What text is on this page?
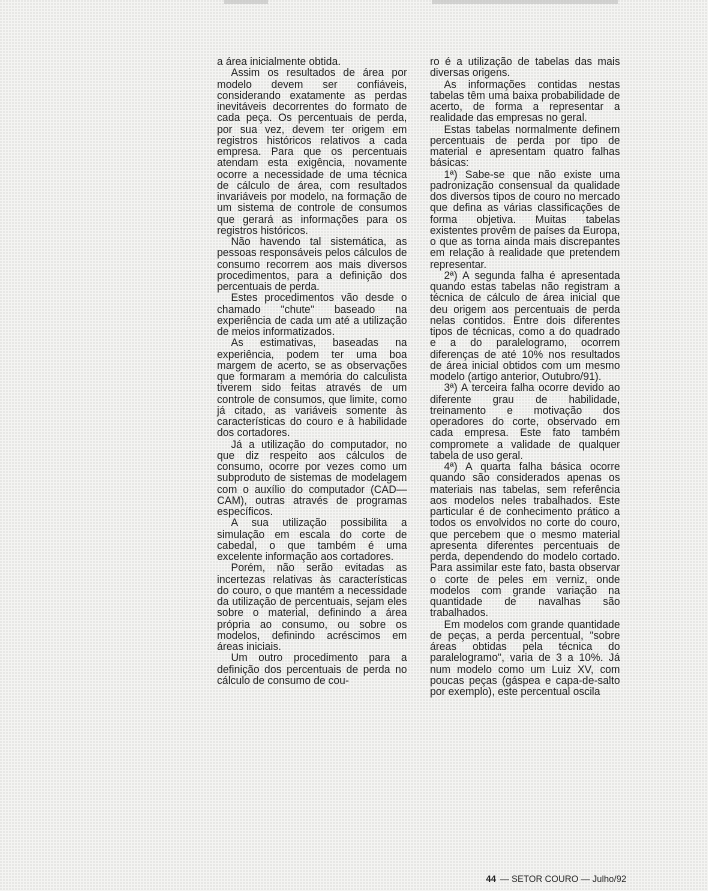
a área inicialmente obtida.

Assim os resultados de área por modelo devem ser confiáveis, considerando exatamente as perdas inevitáveis decorrentes do formato de cada peça. Os percentuais de perda, por sua vez, devem ter origem em registros históricos relativos a cada empresa. Para que os percentuais atendam esta exigência, novamente ocorre a necessidade de uma técnica de cálculo de área, com resultados invariáveis por modelo, na formação de um sistema de controle de consumos que gerará as informações para os registros históricos.

Não havendo tal sistemática, as pessoas responsáveis pelos cálculos de consumo recorrem aos mais diversos procedimentos, para a definição dos percentuais de perda.

Estes procedimentos vão desde o chamado "chute" baseado na experiência de cada um até a utilização de meios informatizados.

As estimativas, baseadas na experiência, podem ter uma boa margem de acerto, se as observações que formaram a memória do calculista tiverem sido feitas através de um controle de consumos, que limite, como já citado, as variáveis somente às características do couro e à habilidade dos cortadores.

Já a utilização do computador, no que diz respeito aos cálculos de consumo, ocorre por vezes como um subproduto de sistemas de modelagem com o auxílio do computador (CAD—CAM), outras através de programas específicos.

A sua utilização possibilita a simulação em escala do corte de cabedal, o que também é uma excelente informação aos cortadores.

Porém, não serão evitadas as incertezas relativas às características do couro, o que mantém a necessidade da utilização de percentuais, sejam eles sobre o material, definindo a área própria ao consumo, ou sobre os modelos, definindo acréscimos em áreas iniciais.

Um outro procedimento para a definição dos percentuais de perda no cálculo de consumo de cou-

ro é a utilização de tabelas das mais diversas origens.

As informações contidas nestas tabelas têm uma baixa probabilidade de acerto, de forma a representar a realidade das empresas no geral.

Estas tabelas normalmente definem percentuais de perda por tipo de material e apresentam quatro falhas básicas:

1ª) Sabe-se que não existe uma padronização consensual da qualidade dos diversos tipos de couro no mercado que defina as várias classificações de forma objetiva. Muitas tabelas existentes provêm de países da Europa, o que as torna ainda mais discrepantes em relação à realidade que pretendem representar.

2ª) A segunda falha é apresentada quando estas tabelas não registram a técnica de cálculo de área inicial que deu origem aos percentuais de perda nelas contidos. Entre dois diferentes tipos de técnicas, como a do quadrado e a do paralelogramo, ocorrem diferenças de até 10% nos resultados de área inicial obtidos com um mesmo modelo (artigo anterior, Outubro/91).

3ª) A terceira falha ocorre devido ao diferente grau de habilidade, treinamento e motivação dos operadores do corte, observado em cada empresa. Este fato também compromete a validade de qualquer tabela de uso geral.

4ª) A quarta falha básica ocorre quando são considerados apenas os materiais nas tabelas, sem referência aos modelos neles trabalhados. Este particular é de conhecimento prático a todos os envolvidos no corte do couro, que percebem que o mesmo material apresenta diferentes percentuais de perda, dependendo do modelo cortado. Para assimilar este fato, basta observar o corte de peles em verniz, onde modelos com grande variação na quantidade de navalhas são trabalhados.

Em modelos com grande quantidade de peças, a perda percentual, "sobre áreas obtidas pela técnica do paralelogramo", varia de 3 a 10%. Já num modelo como um Luiz XV, com poucas peças (gáspea e capa-de-salto por exemplo), este percentual oscila

44 — SETOR COURO — Julho/92
